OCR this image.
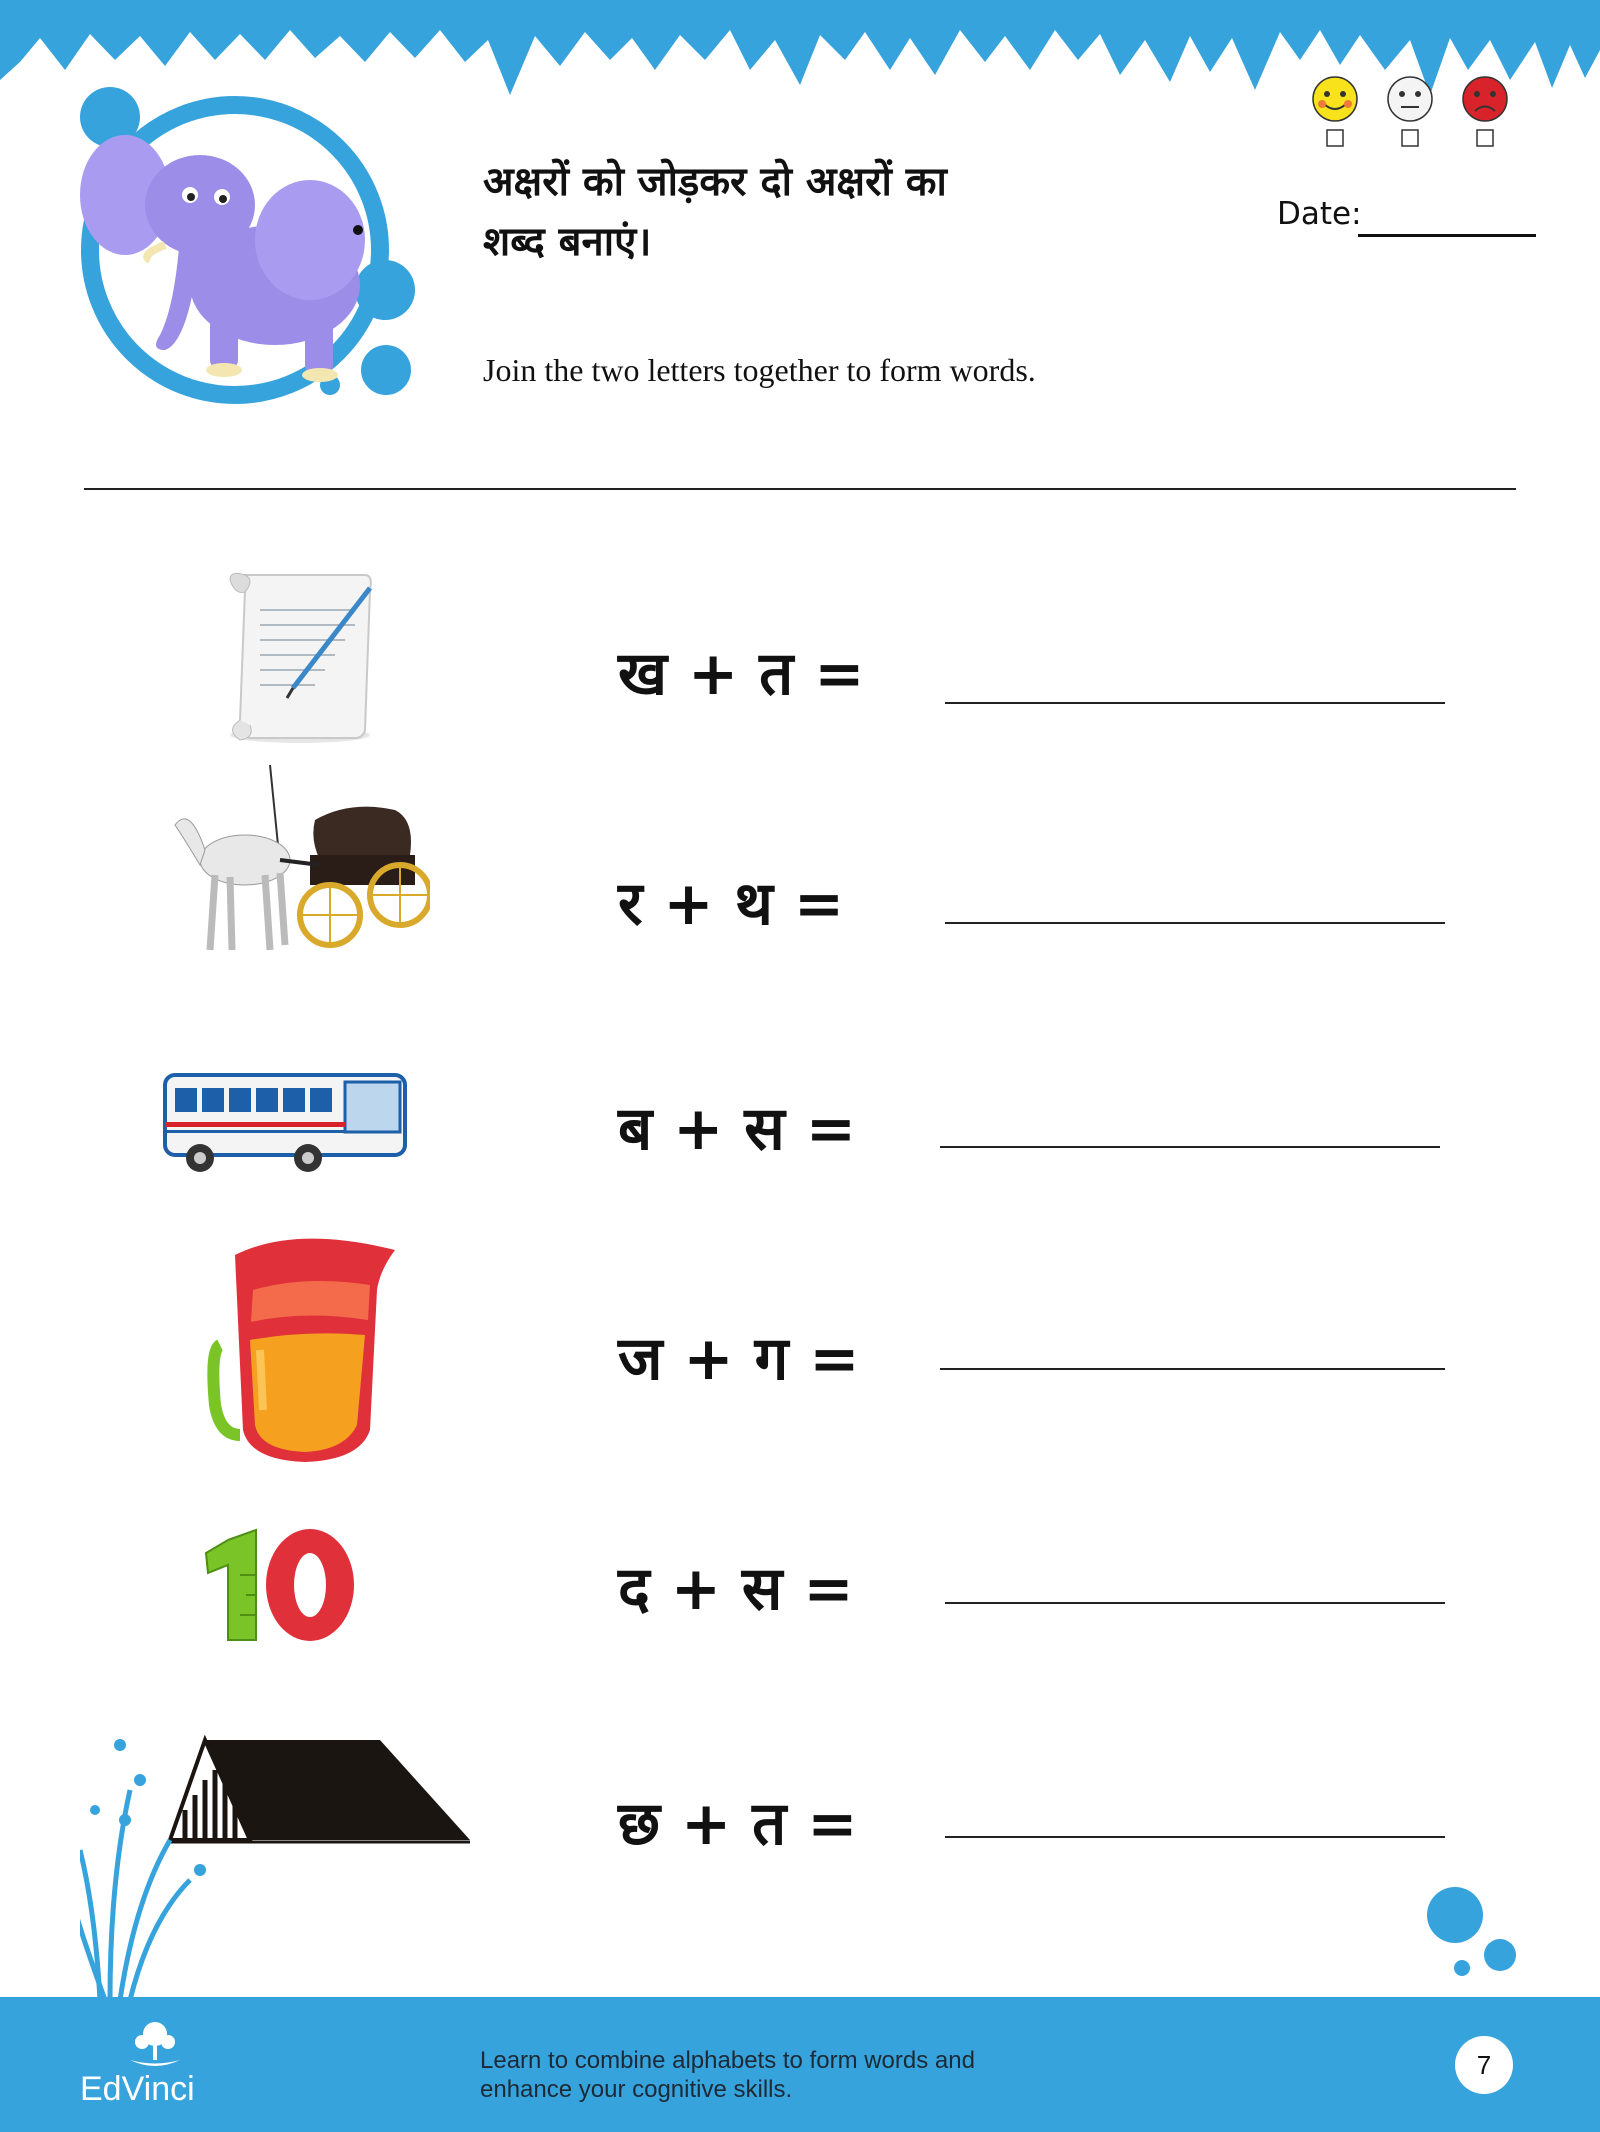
अक्षरों को जोड़कर दो अक्षरों का
शब्द बनाएं।
Join the two letters together to form words.
Date:
ख + त =
र + थ =
ब + स =
ज + ग =
10
द + स =
छ + त =
EdVinci
Learn to combine alphabets to form words and
enhance your cognitive skills.
7
